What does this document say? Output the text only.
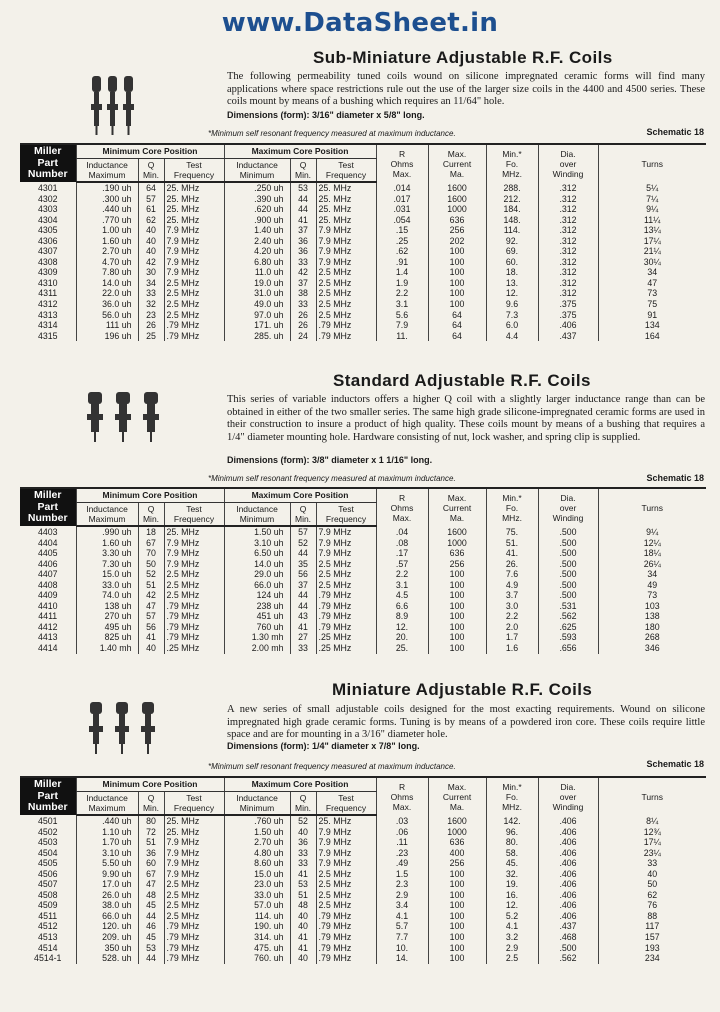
www.DataSheet.in
Sub-Miniature Adjustable R.F. Coils
The following permeability tuned coils wound on silicone impregnated ceramic forms will find many applications where space restrictions rule out the use of the larger size coils in the 4400 and 4500 series. These coils mount by means of a bushing which requires an 11/64" hole.
Dimensions (form): 3/16" diameter x 5/8" long.
*Minimum self resonant frequency measured at maximum inductance.	Schematic 18
Miller
Part
Number	Minimum Core Position			Maximum Core Position			R
Ohms
Max.	Max.
Current
Ma.	Min.*
Fo.
MHz.	Dia.
over
Winding	Turns
	Inductance
Maximum	Q
Min.	Test
Frequency	Inductance
Minimum	Q
Min.	Test
Frequency					
4301	.190 uh	64	25. MHz	.250 uh	53	25. MHz	.014	1600	288.	.312	5¼
4302	.300 uh	57	25. MHz	.390 uh	44	25. MHz	.017	1600	212.	.312	7¼
4303	.440 uh	61	25. MHz	.620 uh	44	25. MHz	.031	1000	184.	.312	9¼
4304	.770 uh	62	25. MHz	.900 uh	41	25. MHz	.054	636	148.	.312	11¼
4305	1.00 uh	40	7.9 MHz	1.40 uh	37	7.9 MHz	.15	256	114.	.312	13¼
4306	1.60 uh	40	7.9 MHz	2.40 uh	36	7.9 MHz	.25	202	92.	.312	17¼
4307	2.70 uh	40	7.9 MHz	4.20 uh	36	7.9 MHz	.62	100	69.	.312	21¼
4308	4.70 uh	42	7.9 MHz	6.80 uh	33	7.9 MHz	.91	100	60.	.312	30¼
4309	7.80 uh	30	7.9 MHz	11.0 uh	42	2.5 MHz	1.4	100	18.	.312	34
4310	14.0 uh	34	2.5 MHz	19.0 uh	37	2.5 MHz	1.9	100	13.	.312	47
4311	22.0 uh	33	2.5 MHz	31.0 uh	38	2.5 MHz	2.2	100	12.	.312	73
4312	36.0 uh	32	2.5 MHz	49.0 uh	33	2.5 MHz	3.1	100	9.6	.375	75
4313	56.0 uh	23	2.5 MHz	97.0 uh	26	2.5 MHz	5.6	64	7.3	.375	91
4314	111 uh	26	.79 MHz	171. uh	26	.79 MHz	7.9	64	6.0	.406	134
4315	196 uh	25	.79 MHz	285. uh	24	.79 MHz	11.	64	4.4	.437	164
Standard Adjustable R.F. Coils
This series of variable inductors offers a higher Q coil with a slightly larger inductance range than can be obtained in either of the two smaller series. The same high grade silicone-impregnated ceramic forms are used in their construction to insure a product of high quality. These coils mount by means of a bushing that requires a 1/4" diameter mounting hole. Hardware consisting of nut, lock washer, and spring clip is supplied.
Dimensions (form): 3/8" diameter x 1 1/16" long.
*Minimum self resonant frequency measured at maximum inductance.	Schematic 18
Miller
Part
Number	Minimum Core Position			Maximum Core Position			R
Ohms
Max.	Max.
Current
Ma.	Min.*
Fo.
MHz.	Dia.
over
Winding	Turns
	Inductance
Maximum	Q
Min.	Test
Frequency	Inductance
Minimum	Q
Min.	Test
Frequency					
4403	.990 uh	18	25. MHz	1.50 uh	57	7.9 MHz	.04	1600	75.	.500	9¼
4404	1.60 uh	67	7.9 MHz	3.10 uh	52	7.9 MHz	.08	1000	51.	.500	12¼
4405	3.30 uh	70	7.9 MHz	6.50 uh	44	7.9 MHz	.17	636	41.	.500	18¼
4406	7.30 uh	50	7.9 MHz	14.0 uh	35	2.5 MHz	.57	256	26.	.500	26¼
4407	15.0 uh	52	2.5 MHz	29.0 uh	56	2.5 MHz	2.2	100	7.6	.500	34
4408	33.0 uh	51	2.5 MHz	66.0 uh	37	2.5 MHz	3.1	100	4.9	.500	49
4409	74.0 uh	42	2.5 MHz	124 uh	44	.79 MHz	4.5	100	3.7	.500	73
4410	138 uh	47	.79 MHz	238 uh	44	.79 MHz	6.6	100	3.0	.531	103
4411	270 uh	57	.79 MHz	451 uh	43	.79 MHz	8.9	100	2.2	.562	138
4412	495 uh	56	.79 MHz	760 uh	41	.79 MHz	12.	100	2.0	.625	180
4413	825 uh	41	.79 MHz	1.30 mh	27	.25 MHz	20.	100	1.7	.593	268
4414	1.40 mh	40	.25 MHz	2.00 mh	33	.25 MHz	25.	100	1.6	.656	346
Miniature Adjustable R.F. Coils
A new series of small adjustable coils designed for the most exacting requirements. Wound on silicone impregnated high grade ceramic forms. Tuning is by means of a powdered iron core. These coils require little space and are for mounting in a 3/16" diameter hole.
Dimensions (form): 1/4" diameter x 7/8" long.
*Minimum self resonant frequency measured at maximum inductance.	Schematic 18
Miller
Part
Number	Minimum Core Position			Maximum Core Position			R
Ohms
Max.	Max.
Current
Ma.	Min.*
Fo.
MHz.	Dia.
over
Winding	Turns
	Inductance
Maximum	Q
Min.	Test
Frequency	Inductance
Minimum	Q
Min.	Test
Frequency					
4501	.440 uh	80	25. MHz	.760 uh	52	25. MHz	.03	1600	142.	.406	8¼
4502	1.10 uh	72	25. MHz	1.50 uh	40	7.9 MHz	.06	1000	96.	.406	12¾
4503	1.70 uh	51	7.9 MHz	2.70 uh	36	7.9 MHz	.11	636	80.	.406	17¼
4504	3.10 uh	36	7.9 MHz	4.80 uh	33	7.9 MHz	.23	400	58.	.406	23¼
4505	5.50 uh	60	7.9 MHz	8.60 uh	33	7.9 MHz	.49	256	45.	.406	33
4506	9.90 uh	67	7.9 MHz	15.0 uh	41	2.5 MHz	1.5	100	32.	.406	40
4507	17.0 uh	47	2.5 MHz	23.0 uh	53	2.5 MHz	2.3	100	19.	.406	50
4508	26.0 uh	48	2.5 MHz	33.0 uh	51	2.5 MHz	2.9	100	16.	.406	62
4509	38.0 uh	45	2.5 MHz	57.0 uh	48	2.5 MHz	3.4	100	12.	.406	76
4511	66.0 uh	44	2.5 MHz	114. uh	40	.79 MHz	4.1	100	5.2	.406	88
4512	120. uh	46	.79 MHz	190. uh	40	.79 MHz	5.7	100	4.1	.437	117
4513	209. uh	45	.79 MHz	314. uh	41	.79 MHz	7.7	100	3.2	.468	157
4514	350 uh	53	.79 MHz	475. uh	41	.79 MHz	10.	100	2.9	.500	193
4514-1	528. uh	44	.79 MHz	760. uh	40	.79 MHz	14.	100	2.5	.562	234
